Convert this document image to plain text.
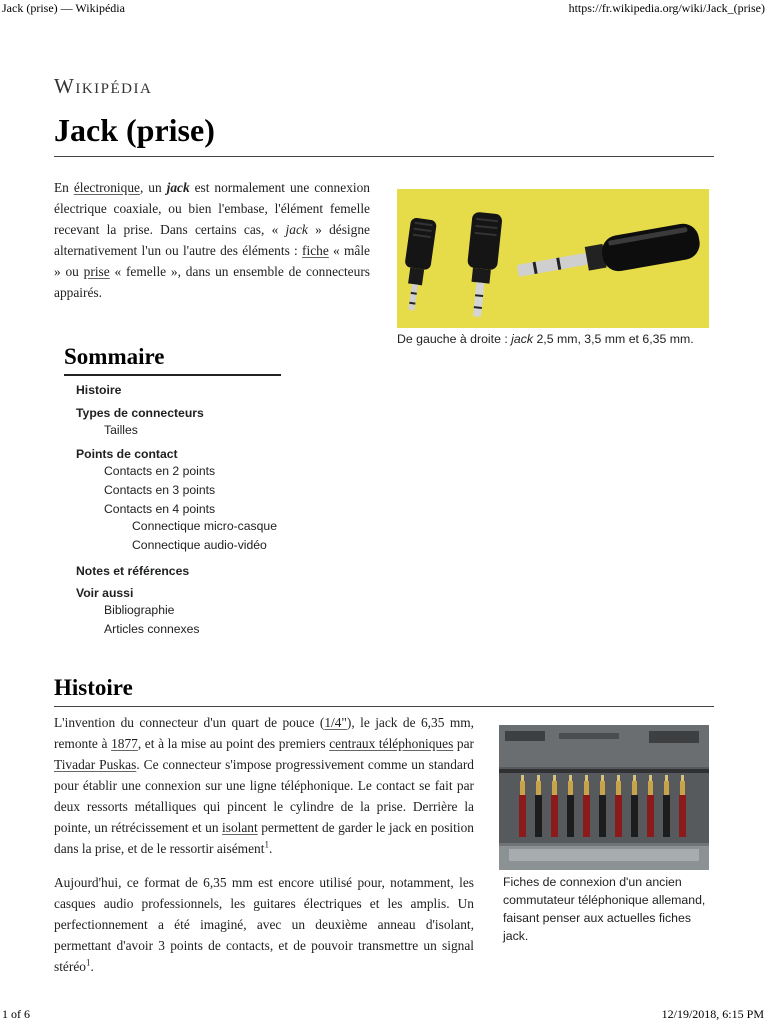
Jack (prise) — Wikipédia	https://fr.wikipedia.org/wiki/Jack_(prise)
Wikipédia
Jack (prise)

En électronique, un jack est normalement une connexion électrique coaxiale, ou bien l'embase, l'élément femelle recevant la prise. Dans certains cas, « jack » désigne alternativement l'un ou l'autre des éléments : fiche « mâle » ou prise « femelle », dans un ensemble de connecteurs appairés.

De gauche à droite : jack 2,5 mm, 3,5 mm et 6,35 mm.
Sommaire
Histoire
Types de connecteurs
Tailles
Points de contact
Contacts en 2 points
Contacts en 3 points
Contacts en 4 points
Connectique micro-casque
Connectique audio-vidéo
Notes et références
Voir aussi
Bibliographie
Articles connexes
Histoire

L'invention du connecteur d'un quart de pouce (1/4"), le jack de 6,35 mm, remonte à 1877, et à la mise au point des premiers centraux téléphoniques par Tivadar Puskas. Ce connecteur s'impose progressivement comme un standard pour établir une connexion sur une ligne téléphonique. Le contact se fait par deux ressorts métalliques qui pincent le cylindre de la prise. Derrière la pointe, un rétrécissement et un isolant permettent de garder le jack en position dans la prise, et de le ressortir aisément$^1$.

Aujourd'hui, ce format de 6,35 mm est encore utilisé pour, notamment, les casques audio professionnels, les guitares électriques et les amplis. Un perfectionnement a été imaginé, avec un deuxième anneau d'isolant, permettant d'avoir 3 points de contacts, et de pouvoir transmettre un signal stéréo$^1$.

Fiches de connexion d'un ancien commutateur téléphonique allemand, faisant penser aux actuelles fiches jack.
1 of 6	12/19/2018, 6:15 PM
